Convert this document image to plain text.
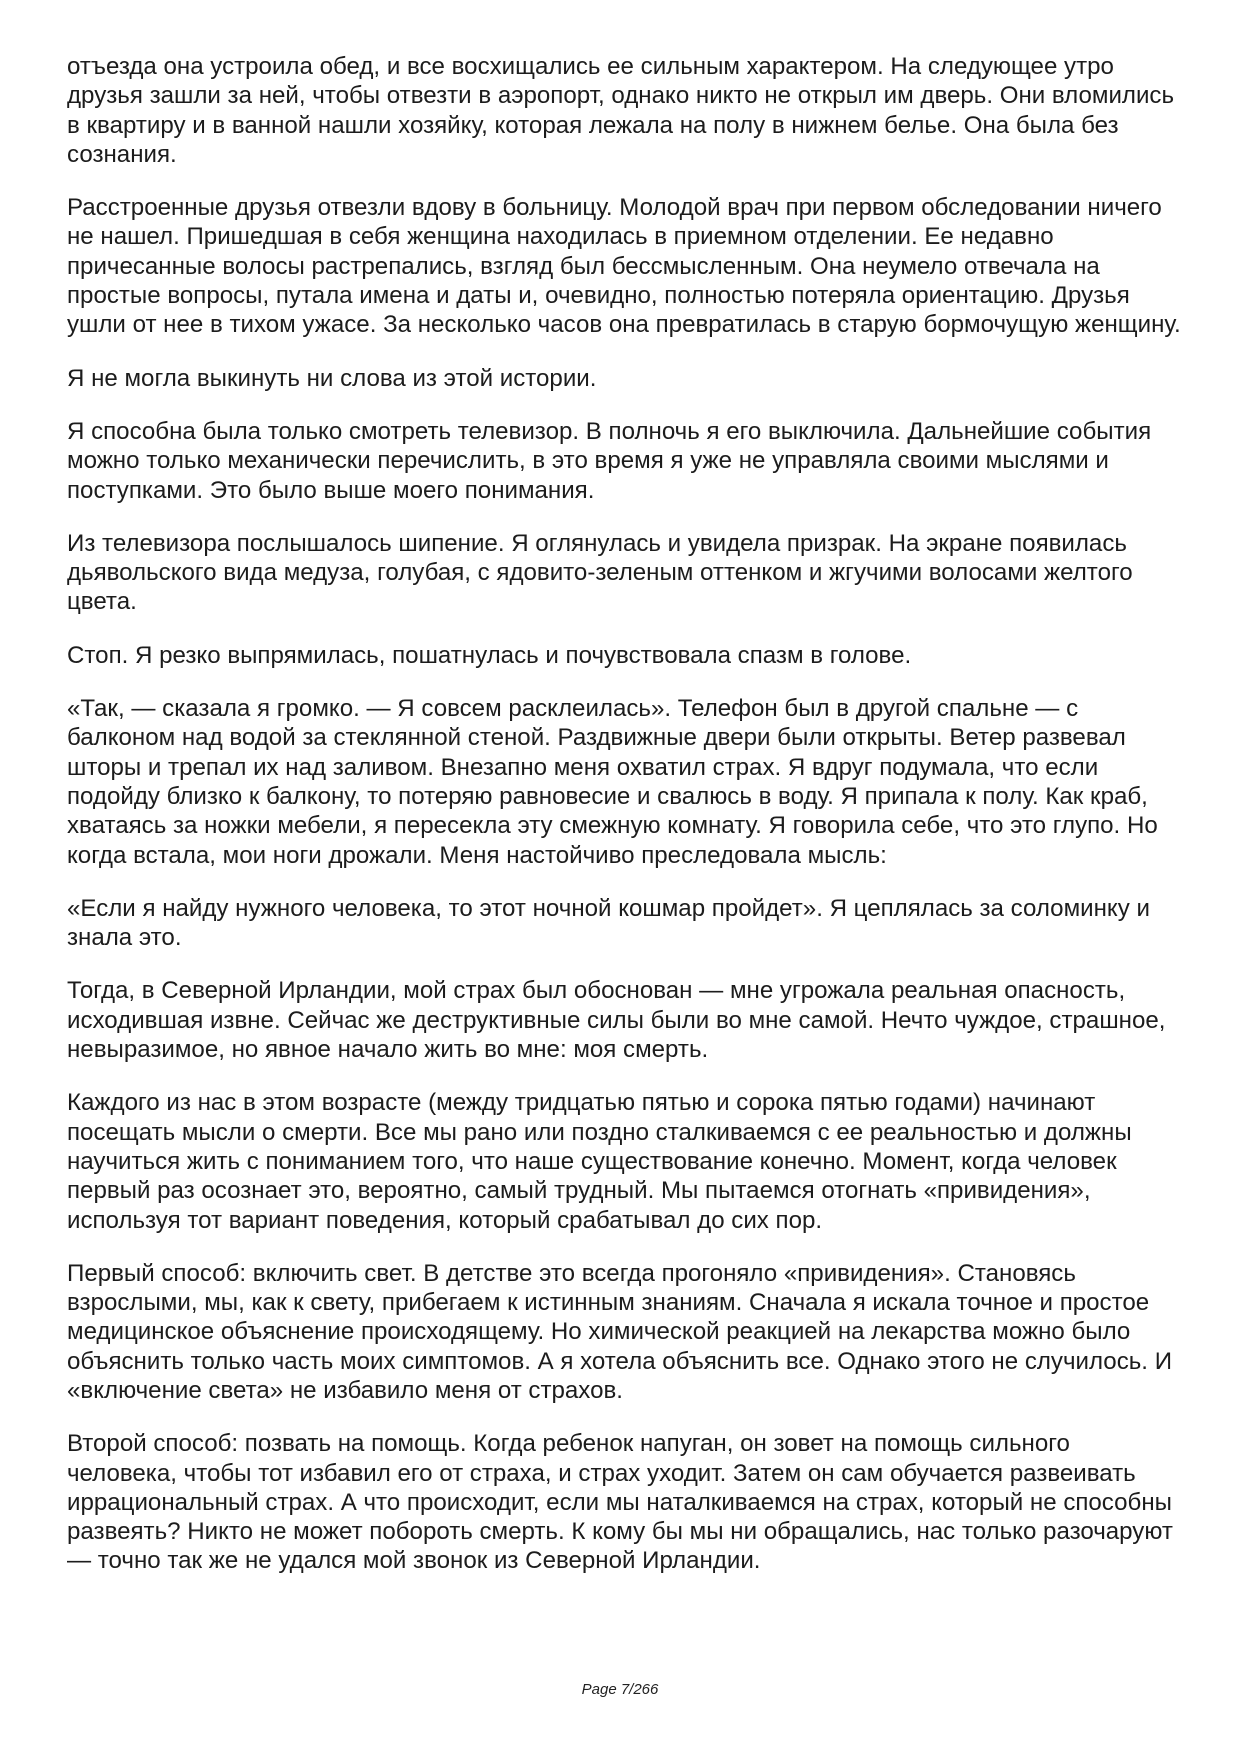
отъезда она устроила обед, и все восхищались ее сильным характером. На следующее утро друзья зашли за ней, чтобы отвезти в аэропорт, однако никто не открыл им дверь. Они вломились в квартиру и в ванной нашли хозяйку, которая лежала на полу в нижнем белье. Она была без сознания.

Расстроенные друзья отвезли вдову в больницу. Молодой врач при первом обследовании ничего не нашел. Пришедшая в себя женщина находилась в приемном отделении. Ее недавно причесанные волосы растрепались, взгляд был бессмысленным. Она неумело отвечала на простые вопросы, путала имена и даты и, очевидно, полностью потеряла ориентацию. Друзья ушли от нее в тихом ужасе. За несколько часов она превратилась в старую бормочущую женщину.

Я не могла выкинуть ни слова из этой истории.

Я способна была только смотреть телевизор. В полночь я его выключила. Дальнейшие события можно только механически перечислить, в это время я уже не управляла своими мыслями и поступками. Это было выше моего понимания.

Из телевизора послышалось шипение. Я оглянулась и увидела призрак. На экране появилась дьявольского вида медуза, голубая, с ядовито-зеленым оттенком и жгучими волосами желтого цвета.

Стоп. Я резко выпрямилась, пошатнулась и почувствовала спазм в голове.

«Так, — сказала я громко. — Я совсем расклеилась». Телефон был в другой спальне — с балконом над водой за стеклянной стеной. Раздвижные двери были открыты. Ветер развевал шторы и трепал их над заливом. Внезапно меня охватил страх. Я вдруг подумала, что если подойду близко к балкону, то потеряю равновесие и свалюсь в воду. Я припала к полу. Как краб, хватаясь за ножки мебели, я пересекла эту смежную комнату. Я говорила себе, что это глупо. Но когда встала, мои ноги дрожали. Меня настойчиво преследовала мысль:

«Если я найду нужного человека, то этот ночной кошмар пройдет». Я цеплялась за соломинку и знала это.

Тогда, в Северной Ирландии, мой страх был обоснован — мне угрожала реальная опасность, исходившая извне. Сейчас же деструктивные силы были во мне самой. Нечто чуждое, страшное, невыразимое, но явное начало жить во мне: моя смерть.

Каждого из нас в этом возрасте (между тридцатью пятью и сорока пятью годами) начинают посещать мысли о смерти. Все мы рано или поздно сталкиваемся с ее реальностью и должны научиться жить с пониманием того, что наше существование конечно. Момент, когда человек первый раз осознает это, вероятно, самый трудный. Мы пытаемся отогнать «привидения», используя тот вариант поведения, который срабатывал до сих пор.

Первый способ: включить свет. В детстве это всегда прогоняло «привидения». Становясь взрослыми, мы, как к свету, прибегаем к истинным знаниям. Сначала я искала точное и простое медицинское объяснение происходящему. Но химической реакцией на лекарства можно было объяснить только часть моих симптомов. А я хотела объяснить все. Однако этого не случилось. И «включение света» не избавило меня от страхов.

Второй способ: позвать на помощь. Когда ребенок напуган, он зовет на помощь сильного человека, чтобы тот избавил его от страха, и страх уходит. Затем он сам обучается развеивать иррациональный страх. А что происходит, если мы наталкиваемся на страх, который не способны развеять? Никто не может побороть смерть. К кому бы мы ни обращались, нас только разочаруют — точно так же не удался мой звонок из Северной Ирландии.

Page 7/266
